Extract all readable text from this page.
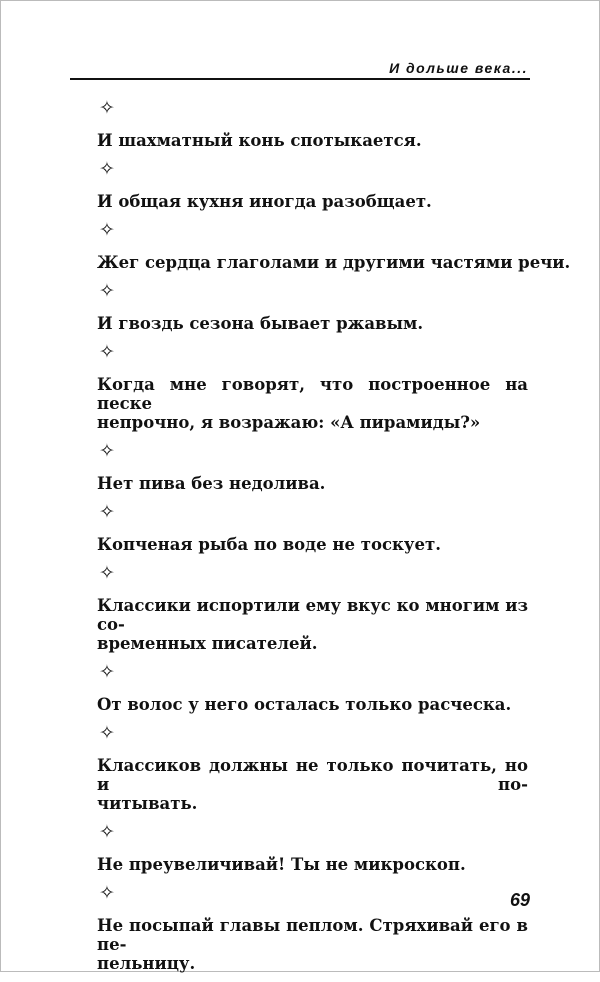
И дольше века...
✧
И шахматный конь спотыкается.
✧
И общая кухня иногда разобщает.
✧
Жег сердца глаголами и другими частями речи.
✧
И гвоздь сезона бывает ржавым.
✧
Когда мне говорят, что построенное на песке
непрочно, я возражаю: «А пирамиды?»
✧
Нет пива без недолива.
✧
Копченая рыба по воде не тоскует.
✧
Классики испортили ему вкус ко многим из со-
временных писателей.
✧
От волос у него осталась только расческа.
✧
Классиков должны не только почитать, но и по-
читывать.
✧
Не преувеличивай! Ты не микроскоп.
✧
Не посыпай главы пеплом. Стряхивай его в пе-
пельницу.
69
